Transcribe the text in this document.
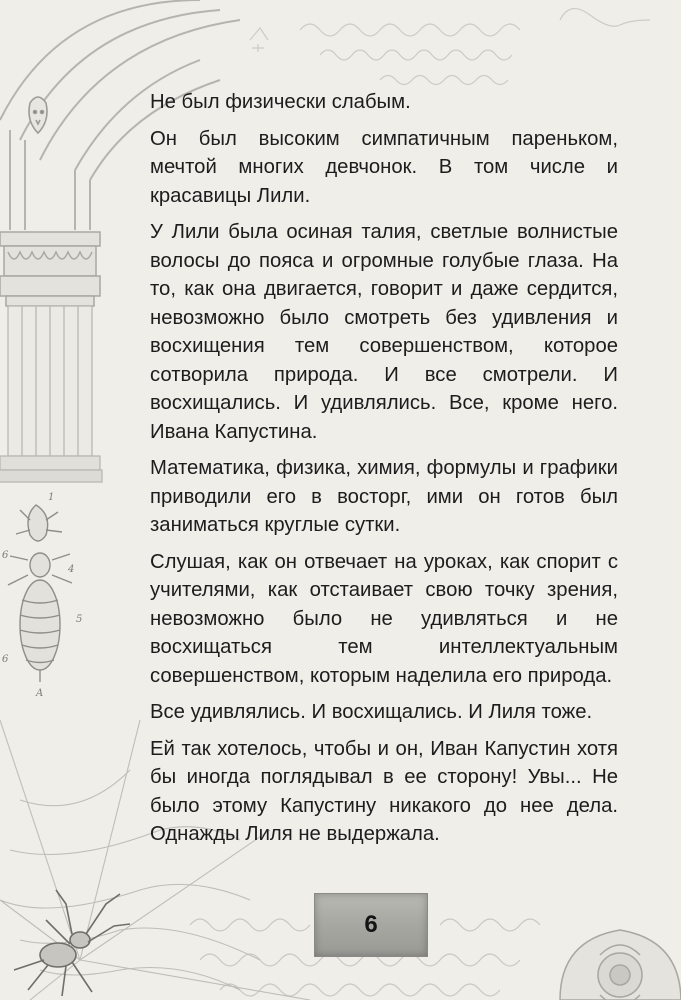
1
6
4
5
6
A

Не был физически слабым.

Он был высоким симпатичным пареньком, мечтой многих девчонок. В том числе и красавицы Лили.

У Лили была осиная талия, светлые волнистые волосы до пояса и огромные голубые глаза. На то, как она двигается, говорит и даже сердится, невозможно было смотреть без удивления и восхищения тем совершенством, которое сотворила природа. И все смотрели. И восхищались. И удивлялись. Все, кроме него. Ивана Капустина.

Математика, физика, химия, формулы и графики приводили его в восторг, ими он готов был заниматься круглые сутки.

Слушая, как он отвечает на уроках, как спорит с учителями, как отстаивает свою точку зрения, невозможно было не удивляться и не восхищаться тем интеллектуальным совершенством, которым наделила его природа.

Все удивлялись. И восхищались. И Лиля тоже.

Ей так хотелось, чтобы и он, Иван Капустин хотя бы иногда поглядывал в ее сторону! Увы... Не было этому Капустину никакого до нее дела. Однажды Лиля не выдержала.

6
